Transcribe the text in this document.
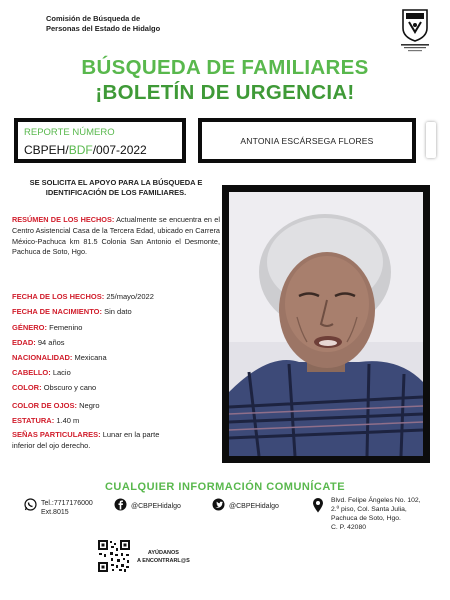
Comisión de Búsqueda de
Personas del Estado de Hidalgo
BÚSQUEDA DE FAMILIARES
¡BOLETÍN DE URGENCIA!
REPORTE NÚMERO
CBPEH/BDF/007-2022
ANTONIA ESCÁRSEGA FLORES
SE SOLICITA EL APOYO PARA LA BÚSQUEDA E IDENTIFICACIÓN DE LOS FAMILIARES.
RESÚMEN DE LOS HECHOS: Actualmente se encuentra en el Centro Asistencial Casa de la Tercera Edad, ubicado en Carrera México-Pachuca km 81.5 Colonia San Antonio el Desmonte, Pachuca de Soto, Hgo.
FECHA DE LOS HECHOS: 25/mayo/2022
FECHA DE NACIMIENTO: Sin dato
GÉNERO: Femenino
EDAD: 94 años
NACIONALIDAD: Mexicana
CABELLO: Lacio
COLOR: Obscuro y cano
COLOR DE OJOS: Negro
ESTATURA: 1.40 m
SEÑAS PARTICULARES: Lunar en la parte
inferior del ojo derecho.
CUALQUIER INFORMACIÓN COMUNÍCATE
Tel.:7717176000
Ext.8015
@CBPEHidalgo	@CBPEHidalgo
Blvd. Felipe Ángeles No. 102,
2.º piso, Col. Santa Julia,
Pachuca de Soto, Hgo.
C. P. 42080
AYÚDANOS
A ENCONTRARL@S
